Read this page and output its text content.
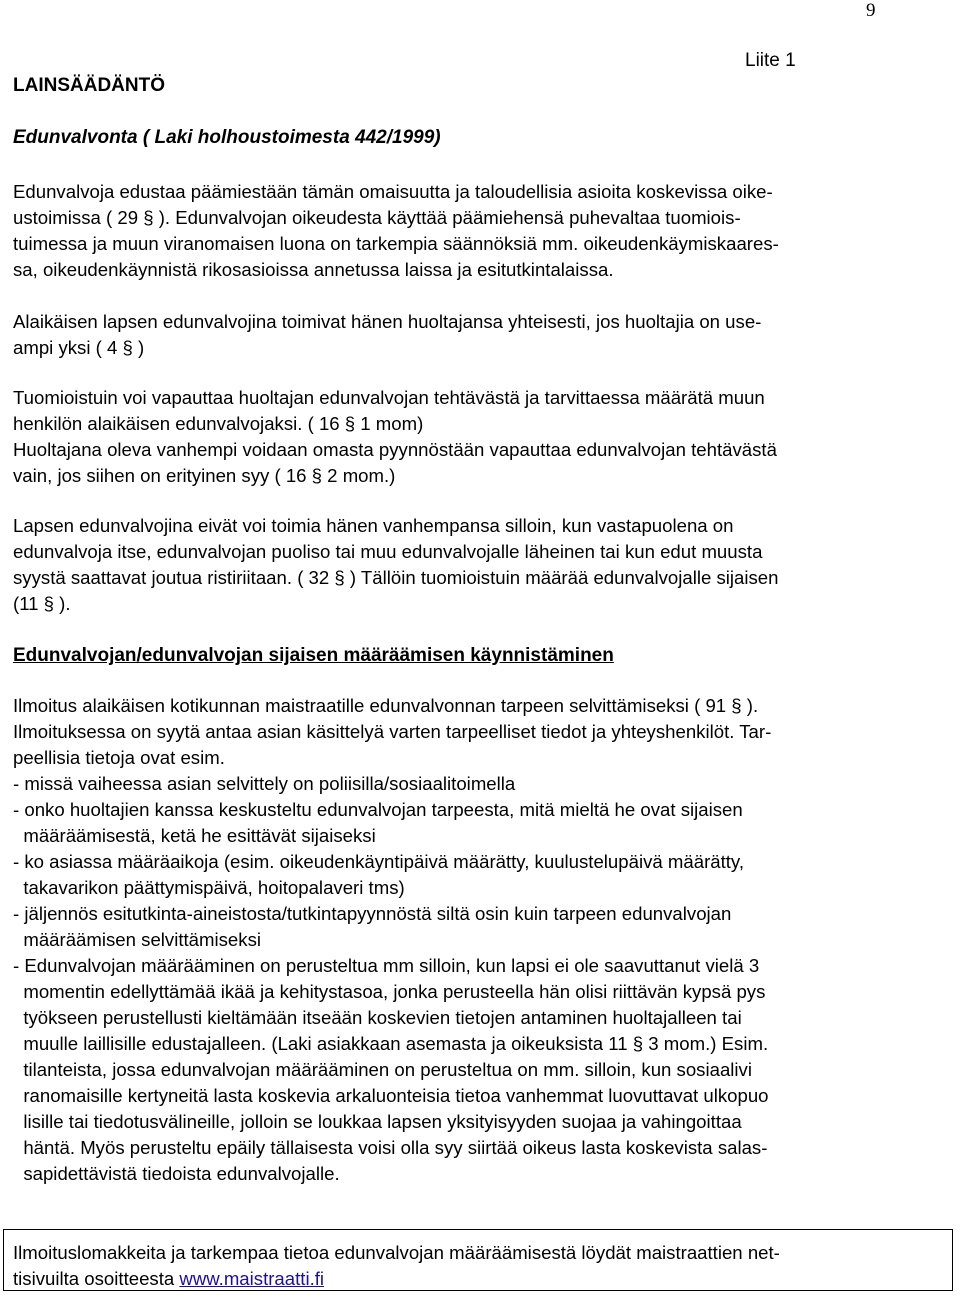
9
Liite 1
LAINSÄÄDÄNTÖ
Edunvalvonta ( Laki holhoustoimesta 442/1999)
Edunvalvoja edustaa päämiestään tämän omaisuutta ja taloudellisia asioita koskevissa oike-
ustoimissa ( 29 § ). Edunvalvojan oikeudesta käyttää päämiehensä puhevaltaa tuomiois-
tuimessa ja muun viranomaisen luona on tarkempia säännöksiä mm. oikeudenkäymiskaares-
sa, oikeudenkäynnistä rikosasioissa annetussa laissa ja esitutkintalaissa.
Alaikäisen lapsen edunvalvojina toimivat hänen huoltajansa yhteisesti, jos huoltajia on use-
ampi yksi ( 4 § )
Tuomioistuin voi vapauttaa huoltajan edunvalvojan tehtävästä ja tarvittaessa määrätä muun
henkilön alaikäisen edunvalvojaksi. ( 16 § 1 mom)
Huoltajana oleva vanhempi voidaan omasta pyynnöstään vapauttaa edunvalvojan tehtävästä
vain, jos siihen on erityinen syy ( 16 § 2 mom.)
Lapsen edunvalvojina eivät voi toimia hänen vanhempansa silloin, kun vastapuolena on
edunvalvoja itse, edunvalvojan puoliso tai muu edunvalvojalle läheinen tai kun edut muusta
syystä saattavat joutua ristiriitaan. ( 32 § ) Tällöin tuomioistuin määrää edunvalvojalle sijaisen
(11 § ).
Edunvalvojan/edunvalvojan sijaisen määräämisen käynnistäminen
Ilmoitus alaikäisen kotikunnan maistraatille edunvalvonnan tarpeen selvittämiseksi ( 91 § ).
Ilmoituksessa on syytä antaa asian käsittelyä varten tarpeelliset tiedot ja yhteyshenkilöt. Tar-
peellisia tietoja ovat esim.
- missä vaiheessa asian selvittely on poliisilla/sosiaalitoimella
- onko huoltajien kanssa keskusteltu edunvalvojan tarpeesta, mitä mieltä he ovat sijaisen
määräämisestä, ketä he esittävät sijaiseksi
- ko asiassa määräaikoja (esim. oikeudenkäyntipäivä määrätty, kuulustelupäivä määrätty,
takavarikon päättymispäivä, hoitopalaveri tms)
- jäljennös esitutkinta-aineistosta/tutkintapyynnöstä siltä osin kuin tarpeen edunvalvojan
määräämisen selvittämiseksi
- Edunvalvojan määrääminen on perusteltua mm silloin, kun lapsi ei ole saavuttanut vielä 3
momentin edellyttämää ikää ja kehitystasoa, jonka perusteella hän olisi riittävän kypsä pys
työkseen perustellusti kieltämään itseään koskevien tietojen antaminen huoltajalleen tai
muulle laillisille edustajalleen. (Laki asiakkaan asemasta ja oikeuksista 11 § 3 mom.) Esim.
tilanteista, jossa edunvalvojan määrääminen on perusteltua on mm. silloin, kun sosiaalivi
ranomaisille kertyneitä lasta koskevia arkaluonteisia tietoa vanhemmat luovuttavat ulkopuo
lisille tai tiedotusvälineille, jolloin se loukkaa lapsen yksityisyyden suojaa ja vahingoittaa
häntä. Myös perusteltu epäily tällaisesta voisi olla syy siirtää oikeus lasta koskevista salas-
sapidettävistä tiedoista edunvalvojalle.
Ilmoituslomakkeita ja tarkempaa tietoa edunvalvojan määräämisestä löydät maistraattien net-
tisivuilta osoitteesta www.maistraatti.fi
